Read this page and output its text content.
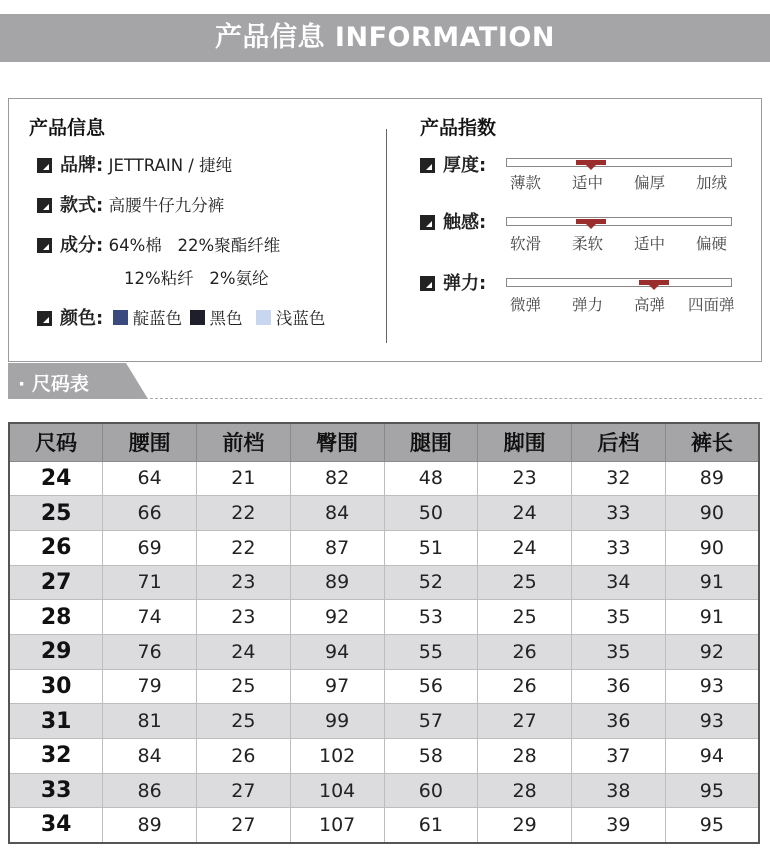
产品信息 INFORMATION
产品信息
品牌: JETTRAIN / 捷纯
款式: 高腰牛仔九分裤
成分: 64%棉   22%聚酯纤维
12%粘纤   2%氨纶
颜色: 靛蓝色 黑色 浅蓝色
产品指数
厚度:
薄款 适中 偏厚 加绒
触感:
软滑 柔软 适中 偏硬
弹力:
微弹 弹力 高弹 四面弹
· 尺码表
尺码	腰围	前档	臀围	腿围	脚围	后档	裤长
24	64	21	82	48	23	32	89
25	66	22	84	50	24	33	90
26	69	22	87	51	24	33	90
27	71	23	89	52	25	34	91
28	74	23	92	53	25	35	91
29	76	24	94	55	26	35	92
30	79	25	97	56	26	36	93
31	81	25	99	57	27	36	93
32	84	26	102	58	28	37	94
33	86	27	104	60	28	38	95
34	89	27	107	61	29	39	95
